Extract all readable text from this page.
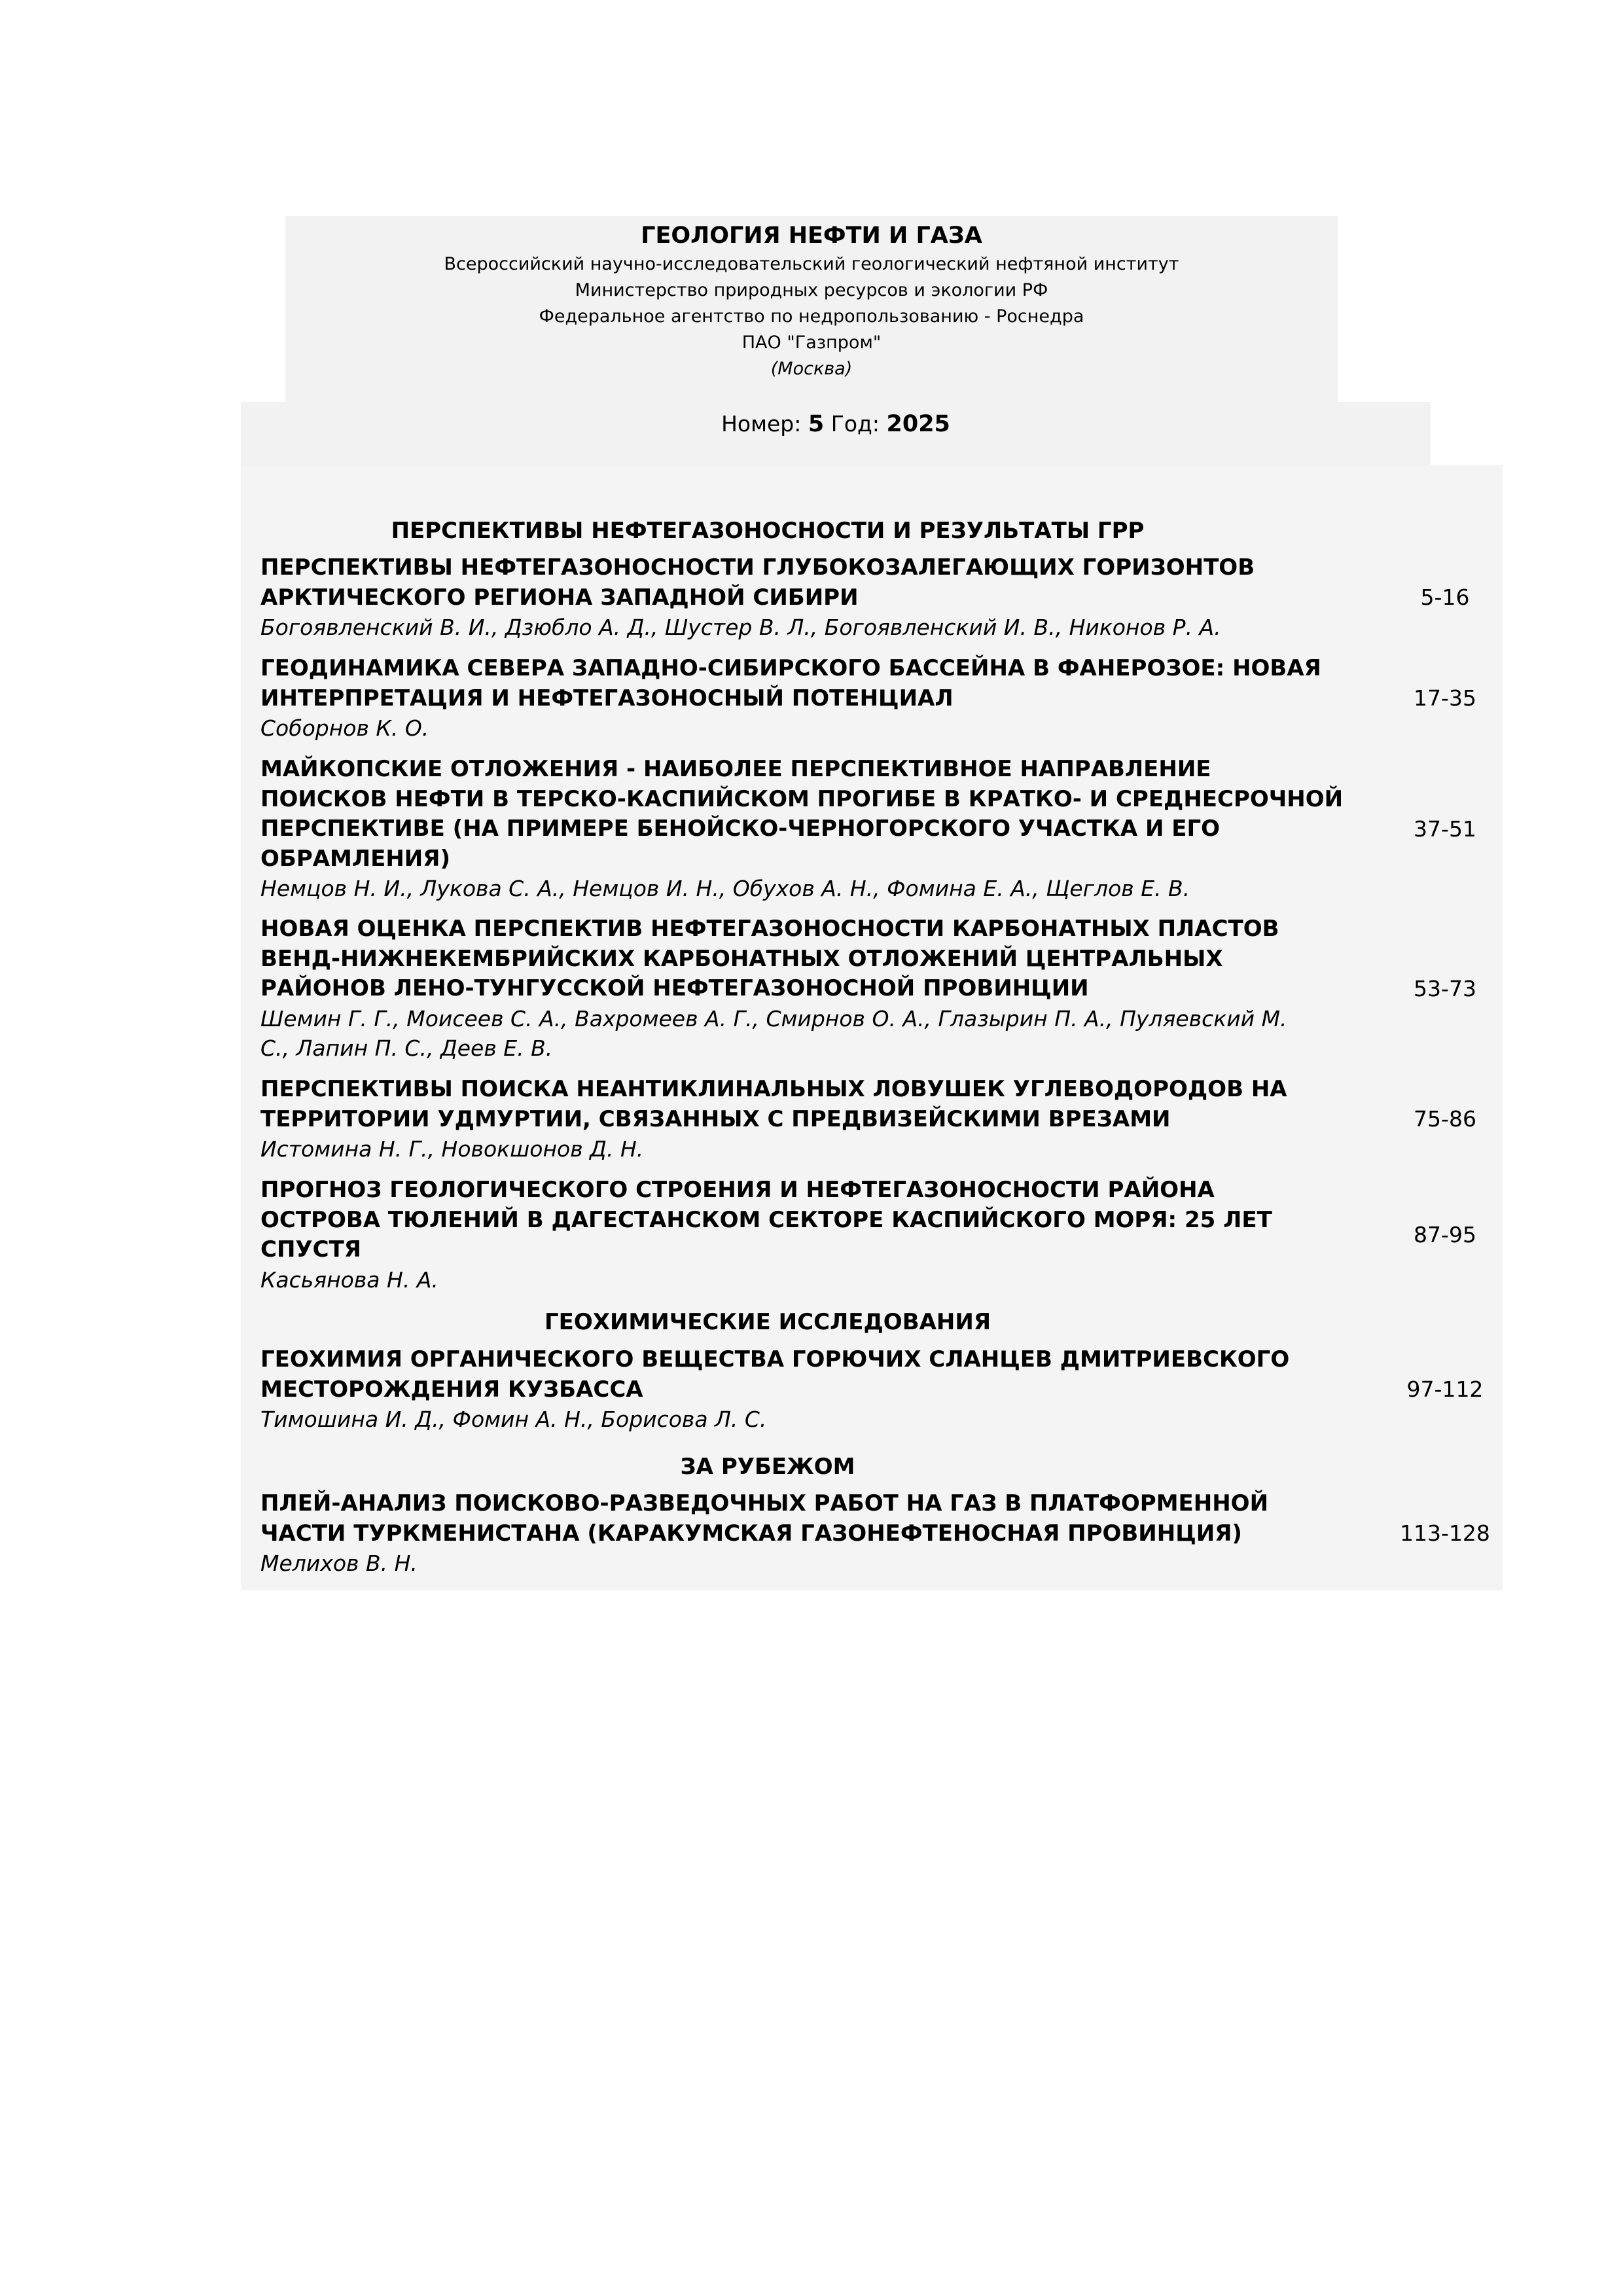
ГЕОЛОГИЯ НЕФТИ И ГАЗА
Всероссийский научно-исследовательский геологический нефтяной институт
Министерство природных ресурсов и экологии РФ
Федеральное агентство по недропользованию - Роснедра
ПАО "Газпром"
(Москва)
Номер: 5 Год: 2025
ПЕРСПЕКТИВЫ НЕФТЕГАЗОНОСНОСТИ И РЕЗУЛЬТАТЫ ГРР
ПЕРСПЕКТИВЫ НЕФТЕГАЗОНОСНОСТИ ГЛУБОКОЗАЛЕГАЮЩИХ ГОРИЗОНТОВ
АРКТИЧЕСКОГО РЕГИОНА ЗАПАДНОЙ СИБИРИ
Богоявленский В. И., Дзюбло А. Д., Шустер В. Л., Богоявленский И. В., Никонов Р. А.
5-16
ГЕОДИНАМИКА СЕВЕРА ЗАПАДНО-СИБИРСКОГО БАССЕЙНА В ФАНЕРОЗОЕ: НОВАЯ
ИНТЕРПРЕТАЦИЯ И НЕФТЕГАЗОНОСНЫЙ ПОТЕНЦИАЛ
Соборнов К. О.
17-35
МАЙКОПСКИЕ ОТЛОЖЕНИЯ - НАИБОЛЕЕ ПЕРСПЕКТИВНОЕ НАПРАВЛЕНИЕ
ПОИСКОВ НЕФТИ В ТЕРСКО-КАСПИЙСКОМ ПРОГИБЕ В КРАТКО- И СРЕДНЕСРОЧНОЙ
ПЕРСПЕКТИВЕ (НА ПРИМЕРЕ БЕНОЙСКО-ЧЕРНОГОРСКОГО УЧАСТКА И ЕГО
ОБРАМЛЕНИЯ)
Немцов Н. И., Лукова С. А., Немцов И. Н., Обухов А. Н., Фомина Е. А., Щеглов Е. В.
37-51
НОВАЯ ОЦЕНКА ПЕРСПЕКТИВ НЕФТЕГАЗОНОСНОСТИ КАРБОНАТНЫХ ПЛАСТОВ
ВЕНД-НИЖНЕКЕМБРИЙСКИХ КАРБОНАТНЫХ ОТЛОЖЕНИЙ ЦЕНТРАЛЬНЫХ
РАЙОНОВ ЛЕНО-ТУНГУССКОЙ НЕФТЕГАЗОНОСНОЙ ПРОВИНЦИИ
Шемин Г. Г., Моисеев С. А., Вахромеев А. Г., Смирнов О. А., Глазырин П. А., Пуляевский М.
С., Лапин П. С., Деев Е. В.
53-73
ПЕРСПЕКТИВЫ ПОИСКА НЕАНТИКЛИНАЛЬНЫХ ЛОВУШЕК УГЛЕВОДОРОДОВ НА
ТЕРРИТОРИИ УДМУРТИИ, СВЯЗАННЫХ С ПРЕДВИЗЕЙСКИМИ ВРЕЗАМИ
Истомина Н. Г., Новокшонов Д. Н.
75-86
ПРОГНОЗ ГЕОЛОГИЧЕСКОГО СТРОЕНИЯ И НЕФТЕГАЗОНОСНОСТИ РАЙОНА
ОСТРОВА ТЮЛЕНИЙ В ДАГЕСТАНСКОМ СЕКТОРЕ КАСПИЙСКОГО МОРЯ: 25 ЛЕТ
СПУСТЯ
Касьянова Н. А.
87-95
ГЕОХИМИЧЕСКИЕ ИССЛЕДОВАНИЯ
ГЕОХИМИЯ ОРГАНИЧЕСКОГО ВЕЩЕСТВА ГОРЮЧИХ СЛАНЦЕВ ДМИТРИЕВСКОГО
МЕСТОРОЖДЕНИЯ КУЗБАССА
Тимошина И. Д., Фомин А. Н., Борисова Л. С.
97-112
ЗА РУБЕЖОМ
ПЛЕЙ-АНАЛИЗ ПОИСКОВО-РАЗВЕДОЧНЫХ РАБОТ НА ГАЗ В ПЛАТФОРМЕННОЙ
ЧАСТИ ТУРКМЕНИСТАНА (КАРАКУМСКАЯ ГАЗОНЕФТЕНОСНАЯ ПРОВИНЦИЯ)
Мелихов В. Н.
113-128
